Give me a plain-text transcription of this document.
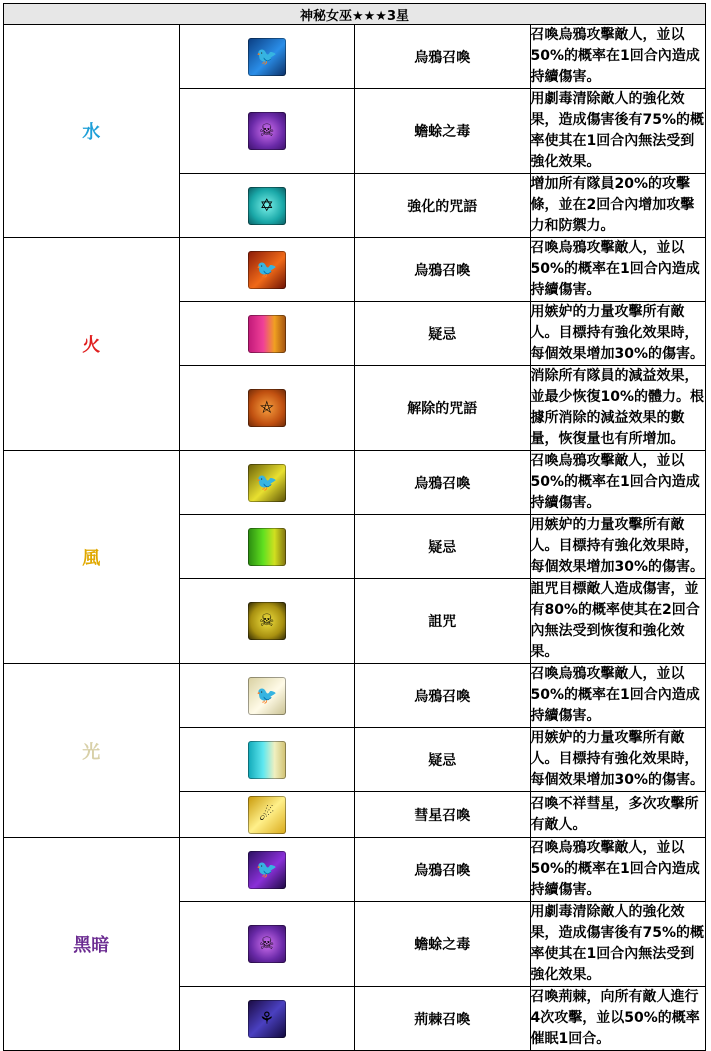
神秘女巫★★★3星			
水	🐦	烏鴉召喚	召喚烏鴉攻擊敵人，並以50%的概率在1回合內造成持續傷害。

	☠	蟾蜍之毒	用劇毒清除敵人的強化效果，造成傷害後有75%的概率使其在1回合內無法受到強化效果。

	✡	強化的咒語	增加所有隊員20%的攻擊條，並在2回合內增加攻擊力和防禦力。
火	🐦	烏鴉召喚	召喚烏鴉攻擊敵人，並以50%的概率在1回合內造成持續傷害。

		疑忌	用嫉妒的力量攻擊所有敵人。目標持有強化效果時，每個效果增加30%的傷害。

	⛤	解除的咒語	消除所有隊員的減益效果，並最少恢復10%的體力。根據所消除的減益效果的數量，恢復量也有所增加。
風	🐦	烏鴉召喚	召喚烏鴉攻擊敵人，並以50%的概率在1回合內造成持續傷害。

		疑忌	用嫉妒的力量攻擊所有敵人。目標持有強化效果時，每個效果增加30%的傷害。

	☠	詛咒	詛咒目標敵人造成傷害，並有80%的概率使其在2回合內無法受到恢復和強化效果。
光	🐦	烏鴉召喚	召喚烏鴉攻擊敵人，並以50%的概率在1回合內造成持續傷害。

		疑忌	用嫉妒的力量攻擊所有敵人。目標持有強化效果時，每個效果增加30%的傷害。

	☄	彗星召喚	召喚不祥彗星，多次攻擊所有敵人。
黑暗	🐦	烏鴉召喚	召喚烏鴉攻擊敵人，並以50%的概率在1回合內造成持續傷害。

	☠	蟾蜍之毒	用劇毒清除敵人的強化效果，造成傷害後有75%的概率使其在1回合內無法受到強化效果。

	⚘	荊棘召喚	召喚荊棘，向所有敵人進行4次攻擊，並以50%的概率催眠1回合。
